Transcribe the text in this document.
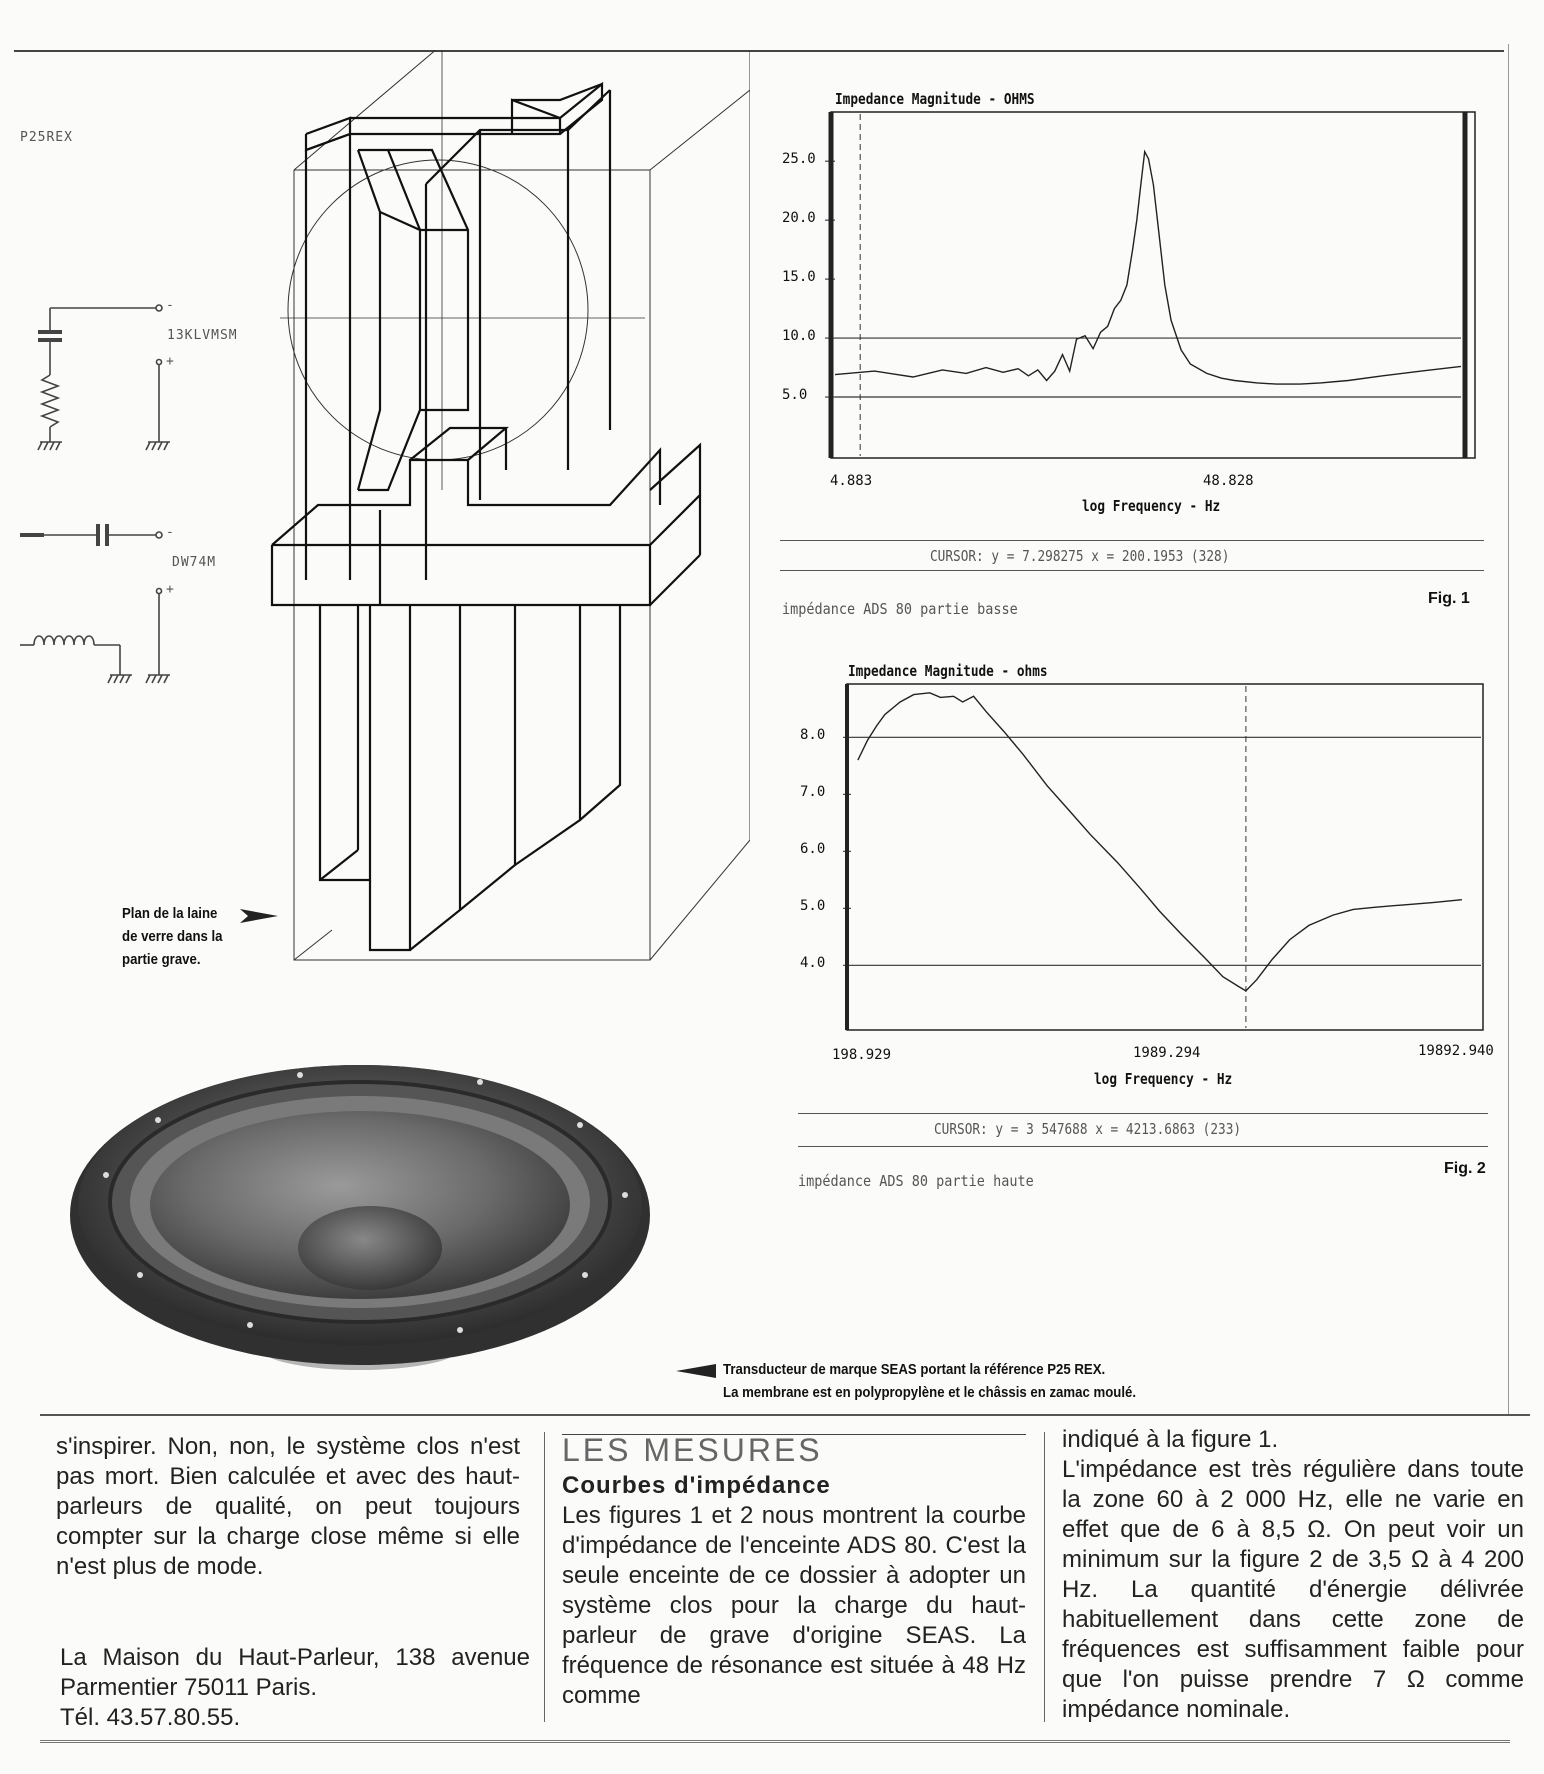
P25REX
13KLVMSM
DW74M
-
+
-
+
Plan de la laine
de verre dans la
partie grave.
Impedance Magnitude - OHMS
4.883	48.828
log Frequency - Hz
CURSOR: y = 7.298275 x = 200.1953 (328)
impédance ADS 80 partie basse
Fig. 1
Impedance Magnitude - ohms
198.929	1989.294	19892.940
log Frequency - Hz
CURSOR: y = 3 547688 x = 4213.6863 (233)
impédance ADS 80 partie haute
Fig. 2
Transducteur de marque SEAS portant la référence P25 REX.
La membrane est en polypropylène et le châssis en zamac moulé.

s'inspirer. Non, non, le système clos n'est pas mort. Bien calculée et avec des haut-parleurs de qualité, on peut toujours compter sur la charge close même si elle n'est plus de mode.

La Maison du Haut-Parleur, 138 avenue Parmentier 75011 Paris.

Tél. 43.57.80.55.

LES MESURES
Courbes d'impédance

Les figures 1 et 2 nous montrent la courbe d'impédance de l'enceinte ADS 80. C'est la seule enceinte de ce dossier à adopter un système clos pour la charge du haut-parleur de grave d'origine SEAS. La fréquence de résonance est située à 48 Hz comme

indiqué à la figure 1.

L'impédance est très régulière dans toute la zone 60 à 2 000 Hz, elle ne varie en effet que de 6 à 8,5 Ω. On peut voir un minimum sur la figure 2 de 3,5 Ω à 4 200 Hz. La quantité d'énergie délivrée habituellement dans cette zone de fréquences est suffisamment faible pour que l'on puisse prendre 7 Ω comme impédance nominale.

25.0
20.0
15.0
10.0
5.0
8.0
7.0
6.0
5.0
4.0
